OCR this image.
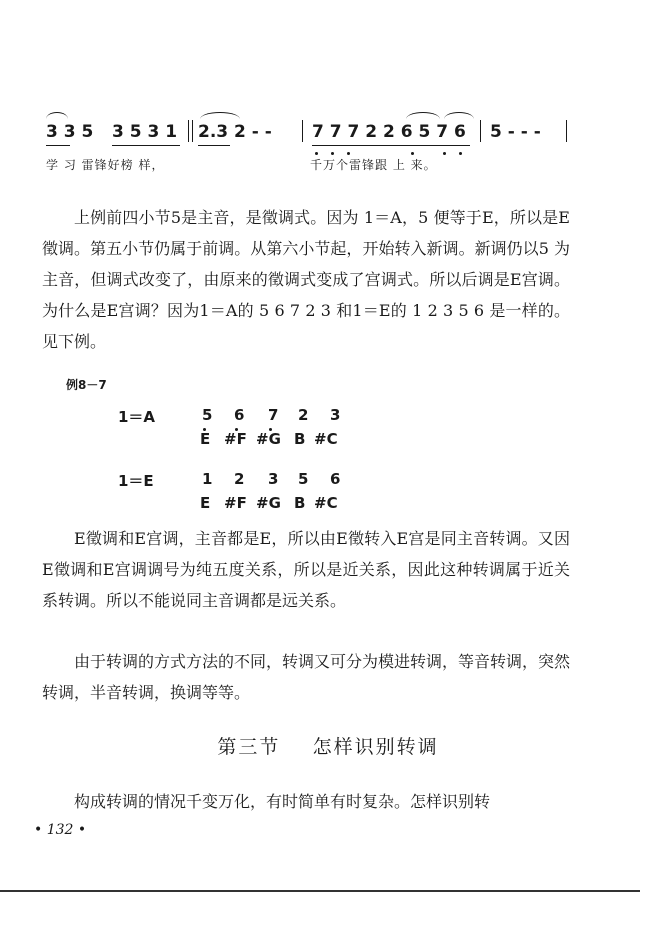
3 3 5 3 5 3 1 2.3 2 - - 7 7 7 2 2 6 5 7 6 5 - - -
学 习 雷锋好榜 样，	千万个雷锋跟 上 来。

上例前四小节5是主音，是徵调式。因为 1＝A，5 便等于E，所以是E徵调。第五小节仍属于前调。从第六小节起，开始转入新调。新调仍以5 为主音，但调式改变了，由原来的徵调式变成了宫调式。所以后调是E宫调。为什么是E宫调？因为1＝A的 5 6 7 2 3 和1＝E的 1 2 3 5 6 是一样的。见下例。

例8－7
1＝A	5 6 7 2 3
E #F #G B #C
1＝E	1 2 3 5 6
E #F #G B #C

E徵调和E宫调，主音都是E，所以由E徵转入E宫是同主音转调。又因E徵调和E宫调调号为纯五度关系，所以是近关系，因此这种转调属于近关系转调。所以不能说同主音调都是远关系。

由于转调的方式方法的不同，转调又可分为模进转调，等音转调，突然转调，半音转调，换调等等。

第三节    怎样识别转调

构成转调的情况千变万化，有时简单有时复杂。怎样识别转

• 132 •
